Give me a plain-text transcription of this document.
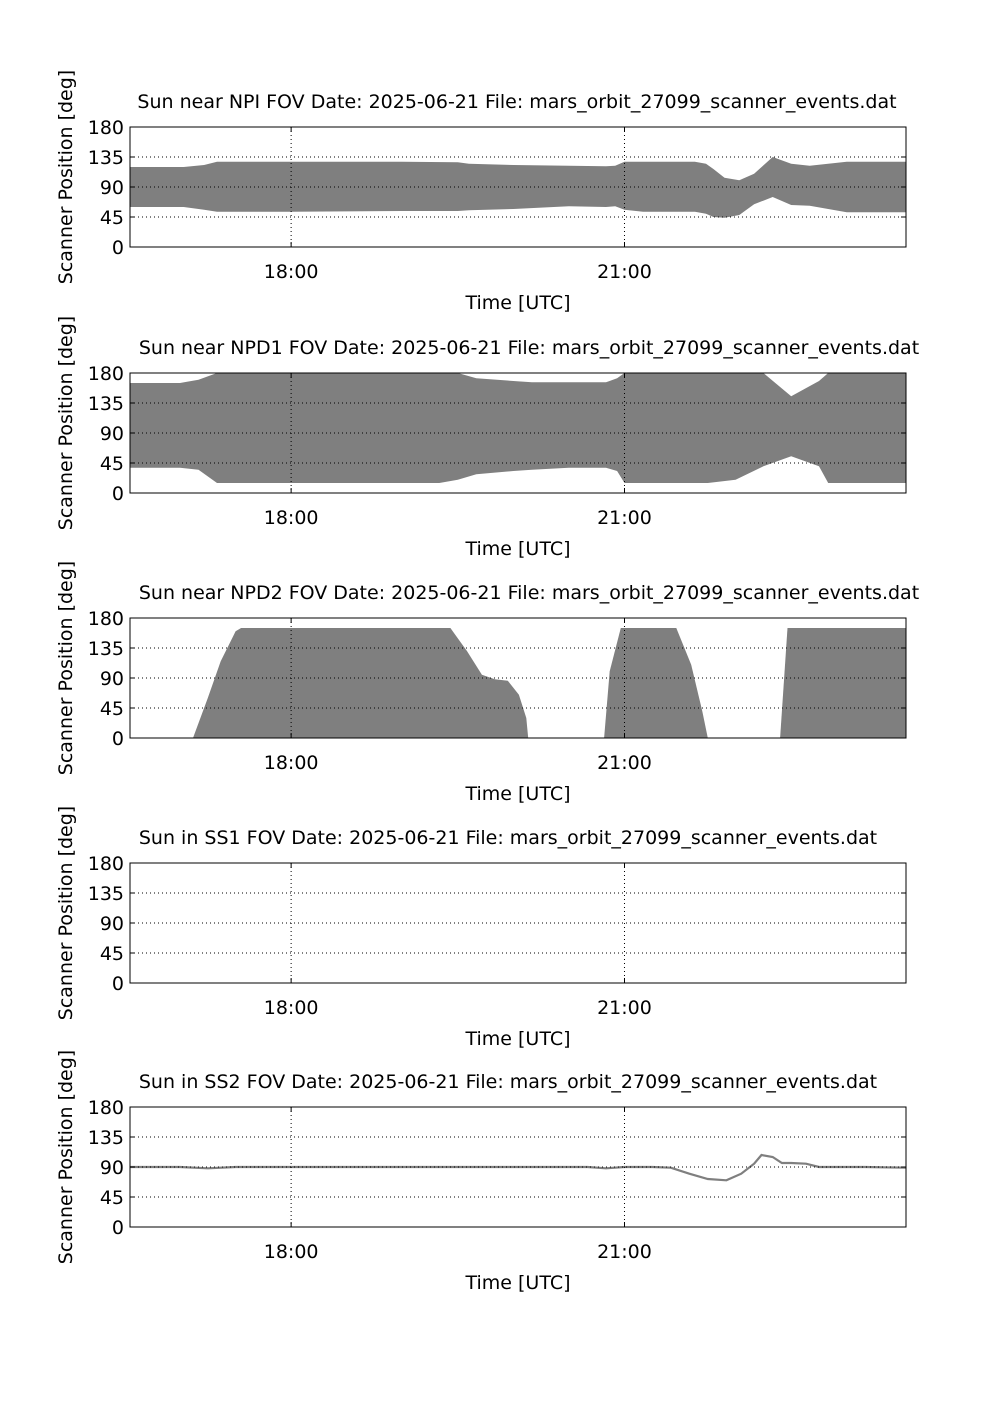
0
45
90
135
180
18:00	21:00
Sun near NPI FOV Date: 2025-06-21 File: mars_orbit_27099_scanner_events.dat
Time [UTC]
Scanner Position [deg]
0
45
90
135
180
18:00	21:00
Sun near NPD1 FOV Date: 2025-06-21 File: mars_orbit_27099_scanner_events.dat
Time [UTC]
Scanner Position [deg]
0
45
90
135
180
18:00	21:00
Sun near NPD2 FOV Date: 2025-06-21 File: mars_orbit_27099_scanner_events.dat
Time [UTC]
Scanner Position [deg]
0
45
90
135
180
18:00	21:00
Sun in SS1 FOV Date: 2025-06-21 File: mars_orbit_27099_scanner_events.dat
Time [UTC]
Scanner Position [deg]
0
45
90
135
180
18:00	21:00
Sun in SS2 FOV Date: 2025-06-21 File: mars_orbit_27099_scanner_events.dat
Time [UTC]
Scanner Position [deg]
